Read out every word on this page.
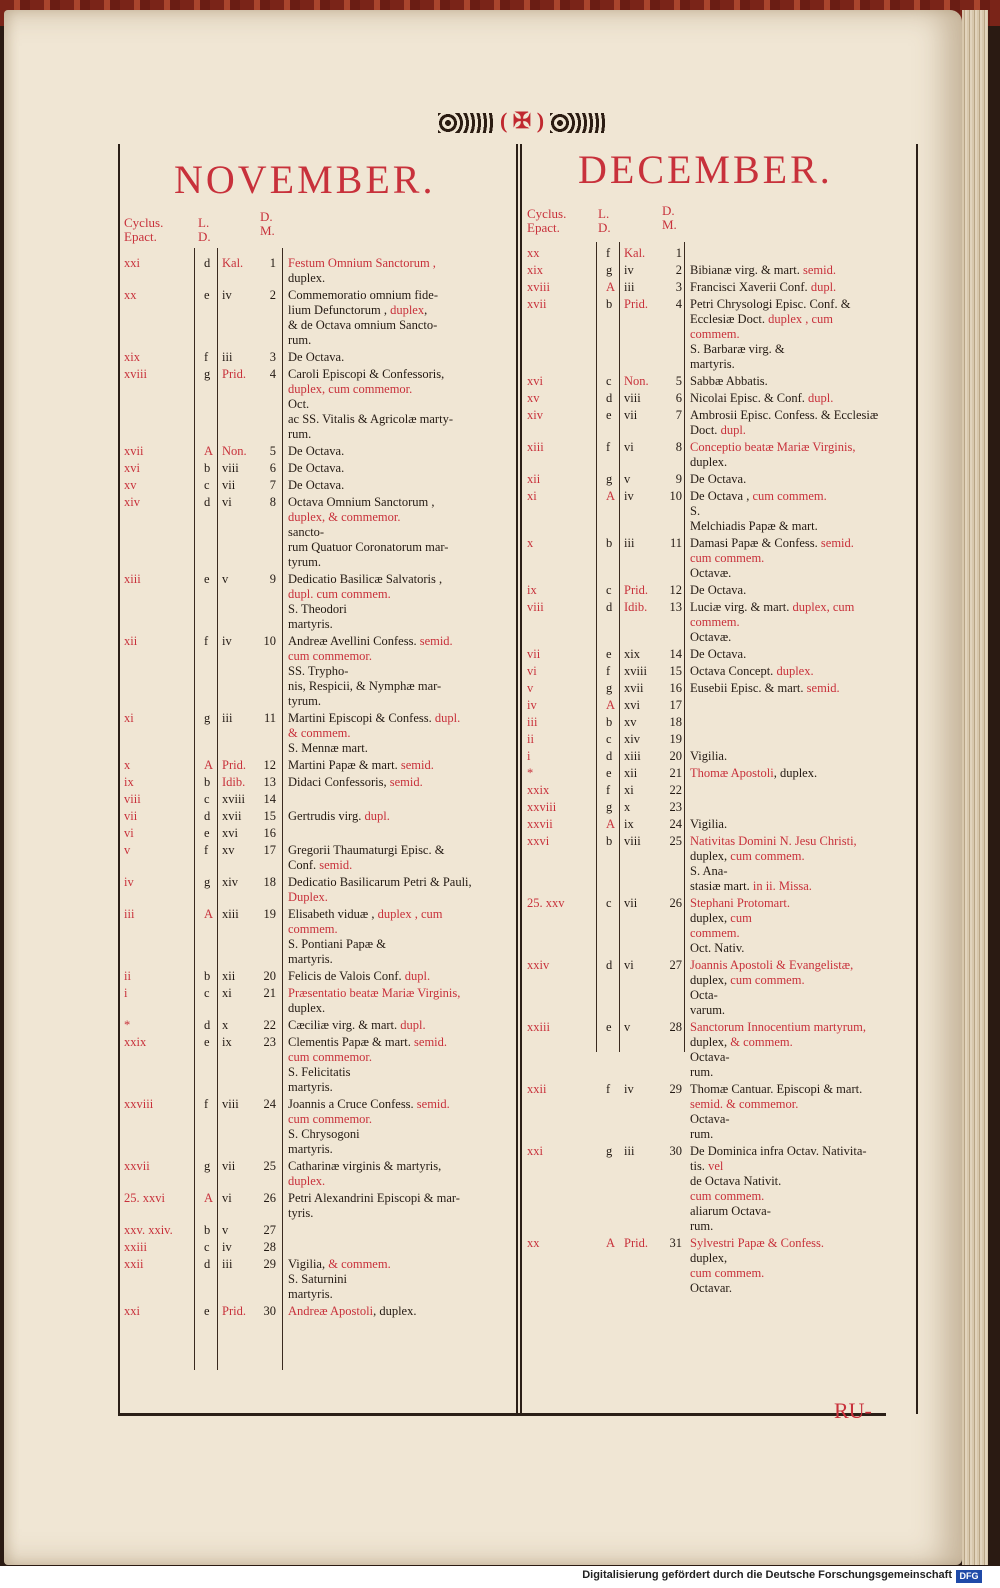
( ✠ )
NOVEMBER.	DECEMBER.
Cyclus.
Epact.
L.
D.
D.
M.
Cyclus.
Epact.
L.
D.
D.
M.
xxi	d Kal.	1 Festum Omnium Sanctorum ,
duplex.
xx	e iv	2 Commemoratio omnium fide-
lium Defunctorum , duplex,
& de Octava omnium Sancto-
rum.
xix	f iii	3 De Octava.
xviii	g Prid.	4 Caroli Episcopi & Confessoris,
duplex, cum commemor.
Oct.
ac SS. Vitalis & Agricolæ marty-
rum.
xvii	A Non.	5 De Octava.
xvi	b viii	6 De Octava.
xv	c vii	7 De Octava.
xiv	d vi	8 Octava Omnium Sanctorum ,
duplex, & commemor.
sancto-
rum Quatuor Coronatorum mar-
tyrum.
xiii	e v	9 Dedicatio Basilicæ Salvatoris ,
dupl. cum commem.
S. Theodori
martyris.
xii	f iv	10 Andreæ Avellini Confess. semid.
cum commemor.
SS. Trypho-
nis, Respicii, & Nymphæ mar-
tyrum.
xi	g iii	11 Martini Episcopi & Confess. dupl.
& commem.
S. Mennæ mart.
x	A Prid.	12 Martini Papæ & mart. semid.
ix	b Idib.	13 Didaci Confessoris, semid.
viii	c xviii	14
vii	d xvii	15 Gertrudis virg. dupl.
vi	e xvi	16
v	f xv	17 Gregorii Thaumaturgi Episc. &
Conf. semid.
iv	g xiv	18 Dedicatio Basilicarum Petri & Pauli,
Duplex.
iii	A xiii	19 Elisabeth viduæ , duplex , cum
commem.
S. Pontiani Papæ &
martyris.
ii	b xii	20 Felicis de Valois Conf. dupl.
i	c xi	21 Præsentatio beatæ Mariæ Virginis,
duplex.
*	d x	22 Cæciliæ virg. & mart. dupl.
xxix	e ix	23 Clementis Papæ & mart. semid.
cum commemor.
S. Felicitatis
martyris.
xxviii	f viii	24 Joannis a Cruce Confess. semid.
cum commemor.
S. Chrysogoni
martyris.
xxvii	g vii	25 Catharinæ virginis & martyris,
duplex.
25. xxvi	A vi	26 Petri Alexandrini Episcopi & mar-
tyris.
xxv. xxiv.	b v	27
xxiii	c iv	28
xxii	d iii	29 Vigilia, & commem.
S. Saturnini
martyris.
xxi	e Prid.	30 Andreæ Apostoli, duplex.
xx	f Kal.	1
xix	g iv	2 Bibianæ virg. & mart. semid.
xviii	A iii	3 Francisci Xaverii Conf. dupl.
xvii	b Prid.	4 Petri Chrysologi Episc. Conf. &
Ecclesiæ Doct. duplex , cum
commem.
S. Barbaræ virg. &
martyris.
xvi	c Non.	5 Sabbæ Abbatis.
xv	d viii	6 Nicolai Episc. & Conf. dupl.
xiv	e vii	7 Ambrosii Episc. Confess. & Ecclesiæ
Doct. dupl.
xiii	f vi	8 Conceptio beatæ Mariæ Virginis,
duplex.
xii	g v	9 De Octava.
xi	A iv	10 De Octava , cum commem.
S.
Melchiadis Papæ & mart.
x	b iii	11 Damasi Papæ & Confess. semid.
cum commem.
Octavæ.
ix	c Prid.	12 De Octava.
viii	d Idib.	13 Luciæ virg. & mart. duplex, cum
commem.
Octavæ.
vii	e xix	14 De Octava.
vi	f xviii	15 Octava Concept. duplex.
v	g xvii	16 Eusebii Episc. & mart. semid.
iv	A xvi	17
iii	b xv	18
ii	c xiv	19
i	d xiii	20 Vigilia.
*	e xii	21 Thomæ Apostoli, duplex.
xxix	f xi	22
xxviii	g x	23
xxvii	A ix	24 Vigilia.
xxvi	b viii	25 Nativitas Domini N. Jesu Christi,
duplex, cum commem.
S. Ana-
stasiæ mart. in ii. Missa.
25. xxv	c vii	26 Stephani Protomart.
duplex, cum
commem.
Oct. Nativ.
xxiv	d vi	27 Joannis Apostoli & Evangelistæ,
duplex, cum commem.
Octa-
varum.
xxiii	e v	28 Sanctorum Innocentium martyrum,
duplex, & commem.
Octava-
rum.
xxii	f iv	29 Thomæ Cantuar. Episcopi & mart.
semid. & commemor.
Octava-
rum.
xxi	g iii	30 De Dominica infra Octav. Nativita-
tis. vel
de Octava Nativit.
cum commem.
aliarum Octava-
rum.
xx	A Prid.	31 Sylvestri Papæ & Confess.
duplex,
cum commem.
Octavar.
RU-
Digitalisierung gefördert durch die Deutsche Forschungsgemeinschaft DFG
